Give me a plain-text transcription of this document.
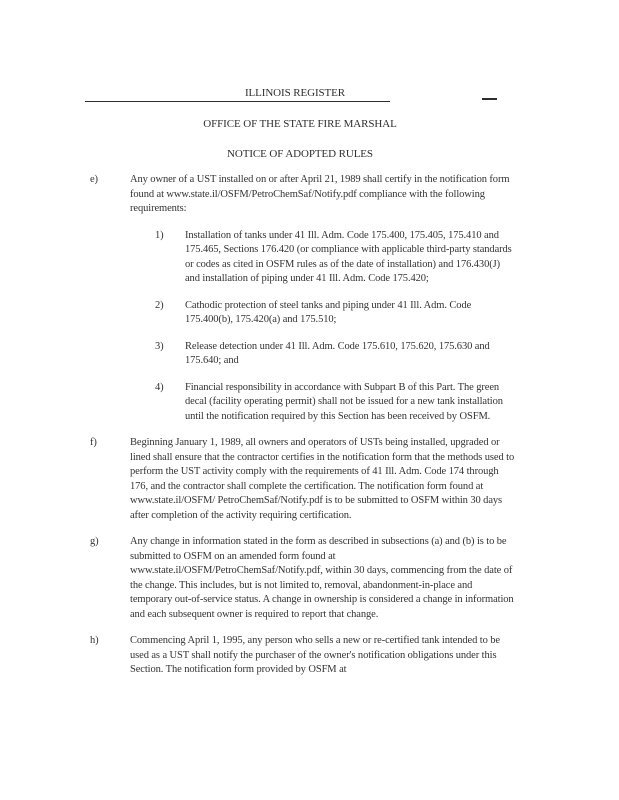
ILLINOIS REGISTER
OFFICE OF THE STATE FIRE MARSHAL
NOTICE OF ADOPTED RULES
e)	Any owner of a UST installed on or after April 21, 1989 shall certify in the notification form found at www.state.il/OSFM/PetroChemSaf/Notify.pdf compliance with the following requirements:
1)	Installation of tanks under 41 Ill. Adm. Code 175.400, 175.405, 175.410 and 175.465, Sections 176.420 (or compliance with applicable third-party standards or codes as cited in OSFM rules as of the date of installation) and 176.430(J) and installation of piping under 41 Ill. Adm. Code 175.420;
2)	Cathodic protection of steel tanks and piping under 41 Ill. Adm. Code 175.400(b), 175.420(a) and 175.510;
3)	Release detection under 41 Ill. Adm. Code 175.610, 175.620, 175.630 and 175.640; and
4)	Financial responsibility in accordance with Subpart B of this Part. The green decal (facility operating permit) shall not be issued for a new tank installation until the notification required by this Section has been received by OSFM.
f)	Beginning January 1, 1989, all owners and operators of USTs being installed, upgraded or lined shall ensure that the contractor certifies in the notification form that the methods used to perform the UST activity comply with the requirements of 41 Ill. Adm. Code 174 through 176, and the contractor shall complete the certification. The notification form found at www.state.il/OSFM/ PetroChemSaf/Notify.pdf is to be submitted to OSFM within 30 days after completion of the activity requiring certification.
g)	Any change in information stated in the form as described in subsections (a) and (b) is to be submitted to OSFM on an amended form found at www.state.il/OSFM/PetroChemSaf/Notify.pdf, within 30 days, commencing from the date of the change. This includes, but is not limited to, removal, abandonment-in-place and temporary out-of-service status. A change in ownership is considered a change in information and each subsequent owner is required to report that change.
h)	Commencing April 1, 1995, any person who sells a new or re-certified tank intended to be used as a UST shall notify the purchaser of the owner's notification obligations under this Section. The notification form provided by OSFM at
